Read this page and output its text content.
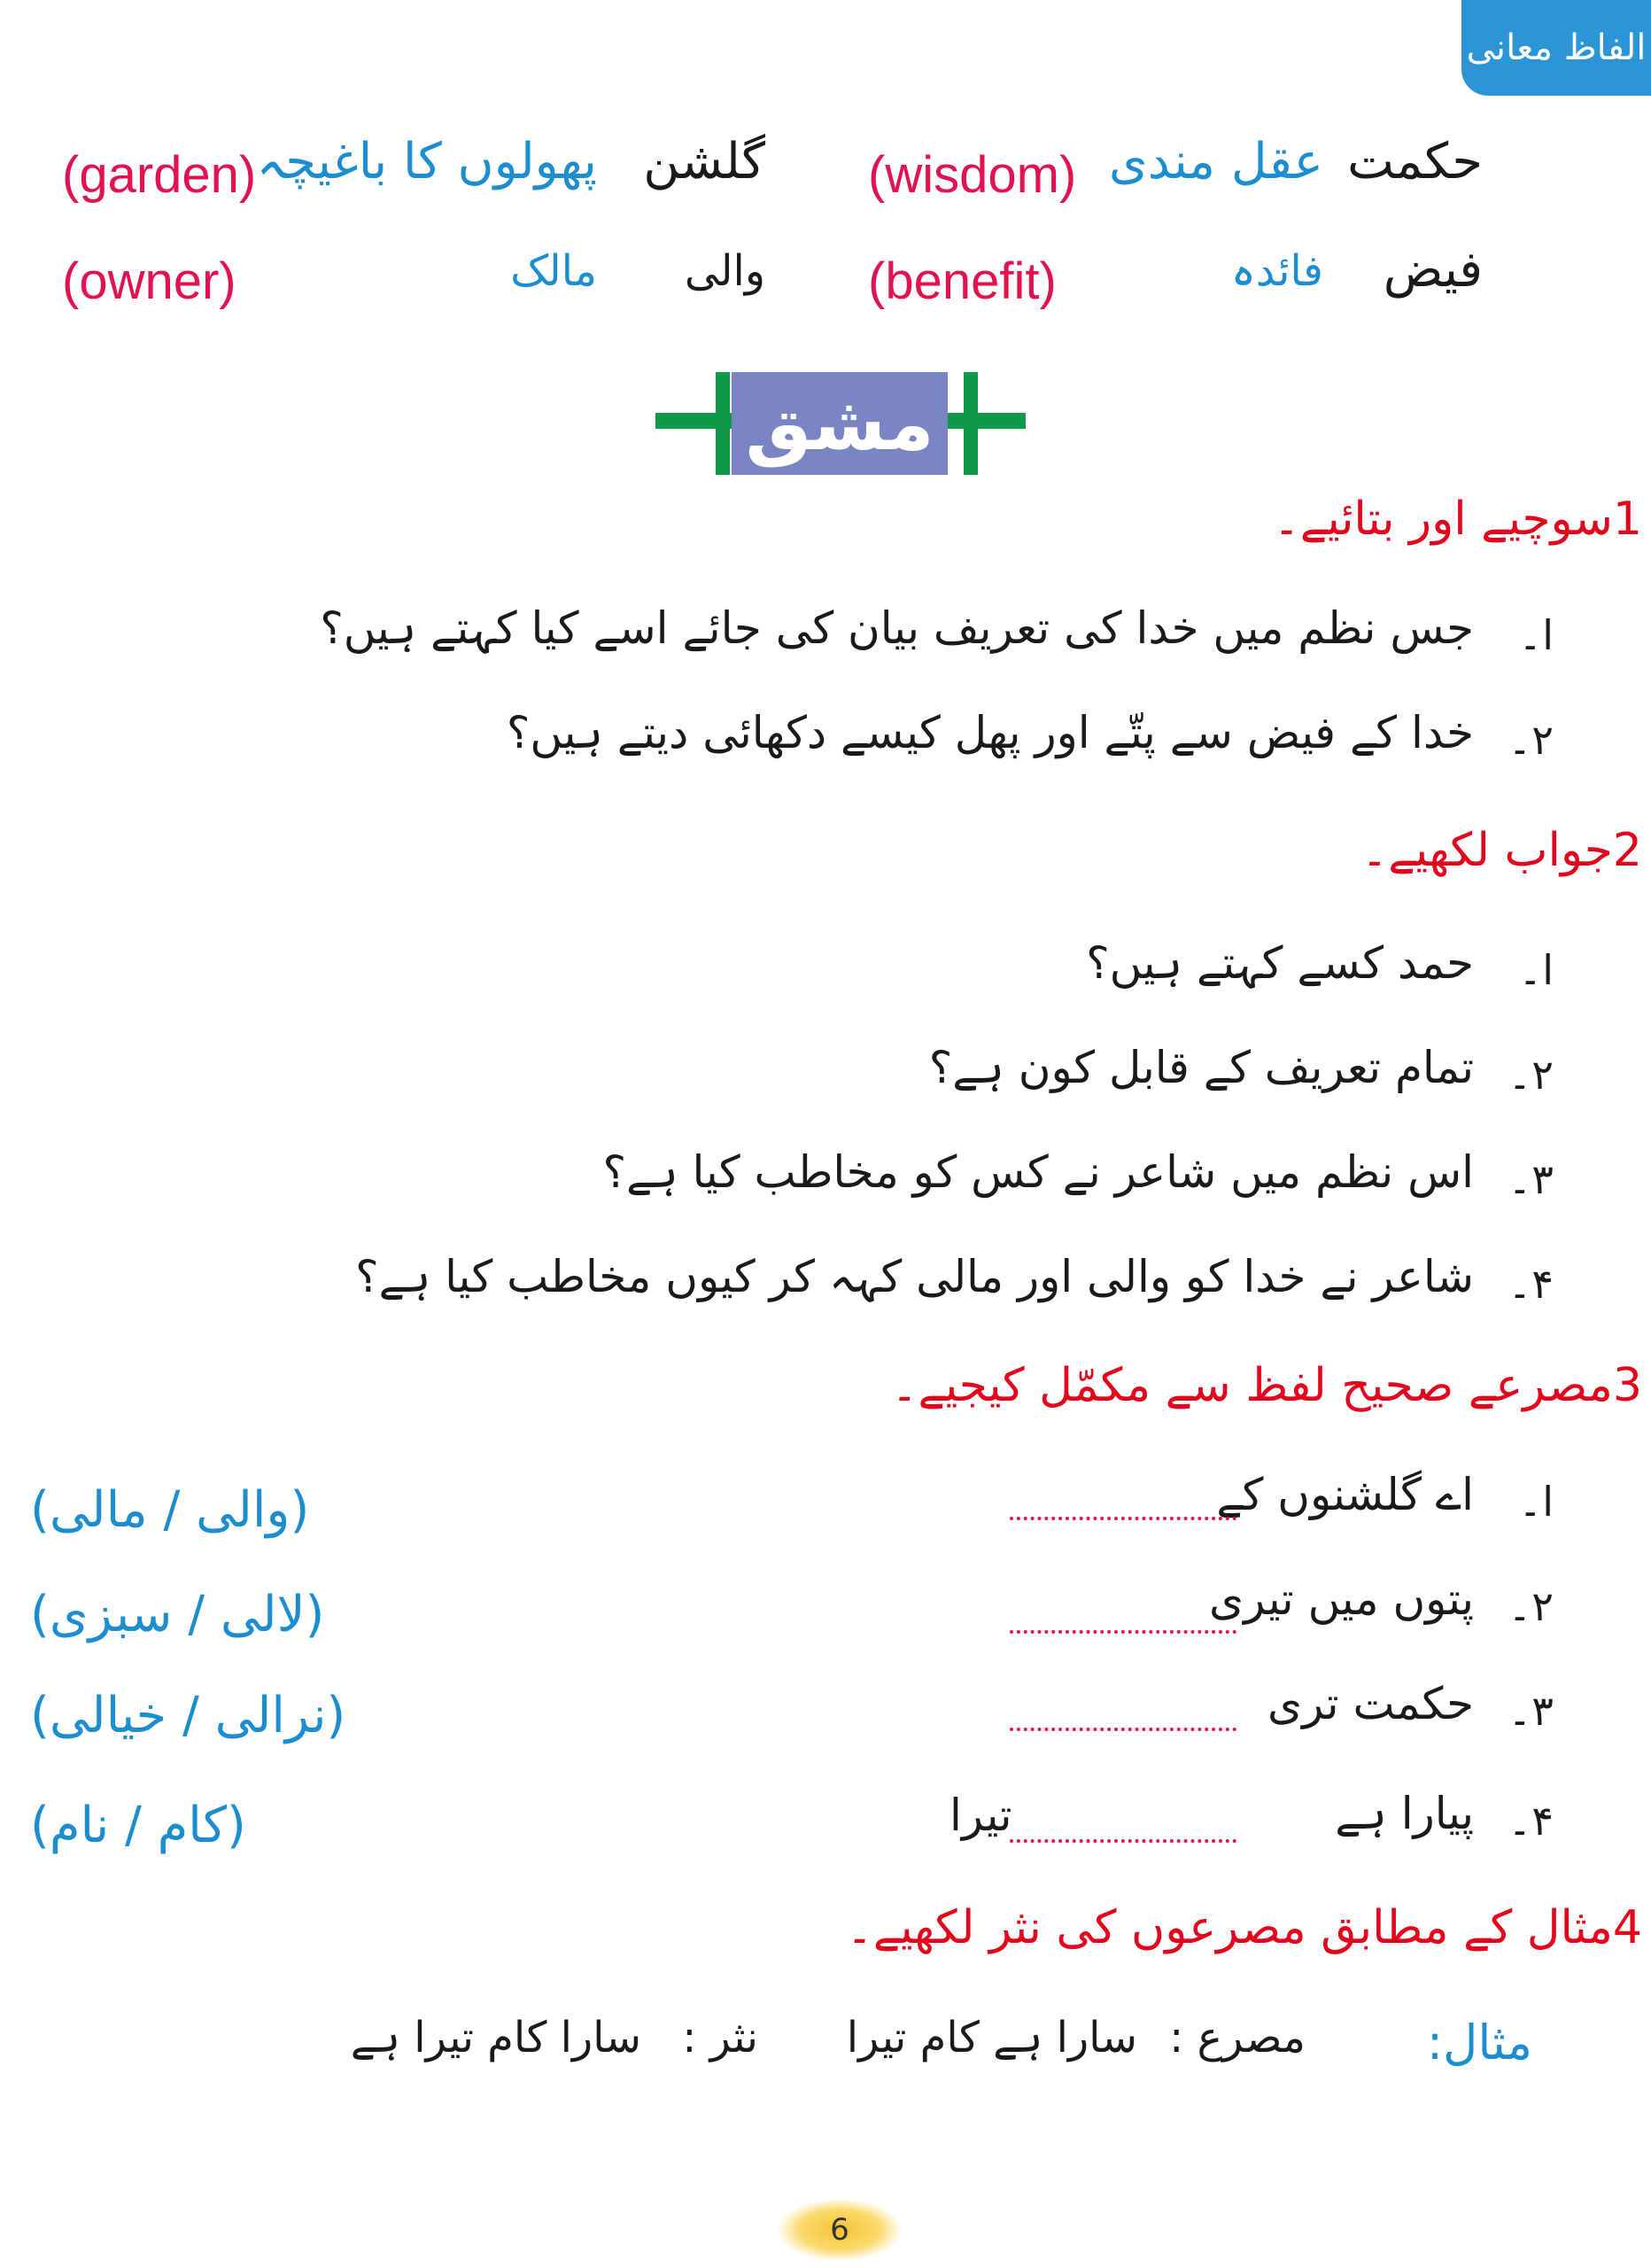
الفاظ معانی
حکمت
عقل مندی
(wisdom)
گلشن
پھولوں کا باغیچہ
(garden)
فیض
فائدہ
(benefit)
والی
مالک
(owner)
مشق
1سوچیے اور بتائیے۔
ا۔
جس نظم میں خدا کی تعریف بیان کی جائے اسے کیا کہتے ہیں؟
۲۔
خدا کے فیض سے پتّے اور پھل کیسے دکھائی دیتے ہیں؟
2جواب لکھیے۔
ا۔
حمد کسے کہتے ہیں؟
۲۔
تمام تعریف کے قابل کون ہے؟
۳۔
اس نظم میں شاعر نے کس کو مخاطب کیا ہے؟
۴۔
شاعر نے خدا کو والی اور مالی کہہ کر کیوں مخاطب کیا ہے؟
3مصرعے صحیح لفظ سے مکمّل کیجیے۔
ا۔
اے گلشنوں کے
(والی / مالی)
۲۔
پتوں میں تیری
(لالی / سبزی)
۳۔
حکمت تری
(نرالی / خیالی)
۴۔
پیارا ہے
تیرا
(کام / نام)
4مثال کے مطابق مصرعوں کی نثر لکھیے۔
مثال:
مصرع :
سارا ہے کام تیرا
نثر :
سارا کام تیرا ہے
6
